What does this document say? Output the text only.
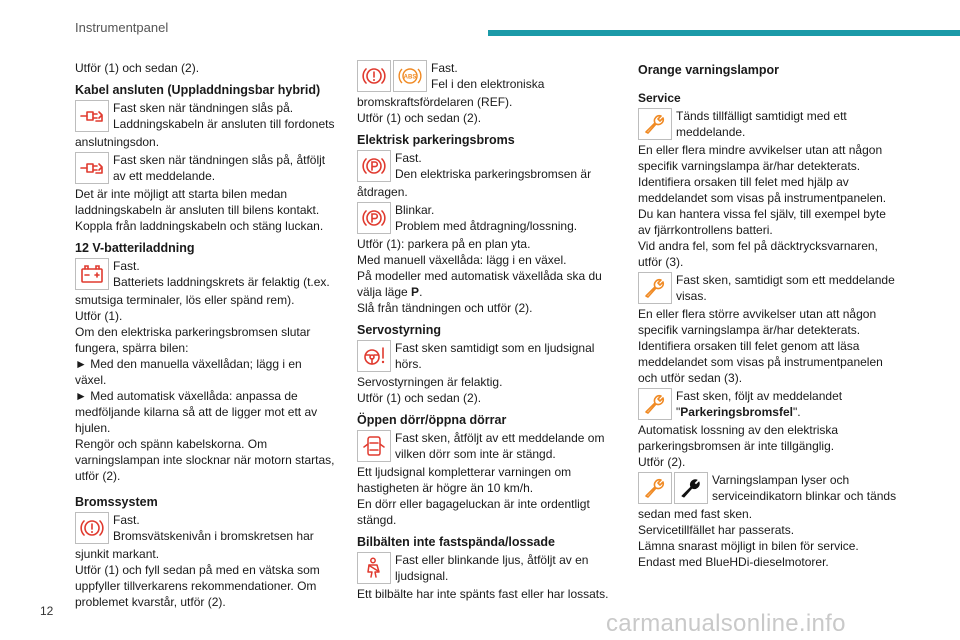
Instrumentpanel

Utför (1) och sedan (2).

Kabel ansluten (Uppladdningsbar hybrid)

Fast sken när tändningen slås på.

Laddningskabeln är ansluten till fordonets

anslutningsdon.

Fast sken när tändningen slås på, åtföljt

av ett meddelande.

Det är inte möjligt att starta bilen medan

laddningskabeln är ansluten till bilens kontakt.

Koppla från laddningskabeln och stäng luckan.

12 V-batteriladdning

Fast.

Batteriets laddningskrets är felaktig (t.ex.

smutsiga terminaler, lös eller spänd rem).

Utför (1).

Om den elektriska parkeringsbromsen slutar

fungera, spärra bilen:

► Med den manuella växellådan; lägg i en

växel.

► Med automatisk växellåda: anpassa de

medföljande kilarna så att de ligger mot ett av

hjulen.

Rengör och spänn kabelskorna. Om

varningslampan inte slocknar när motorn startas,

utför (2).

Bromssystem

Fast.

Bromsvätskenivån i bromskretsen har

sjunkit markant.

Utför (1) och fyll sedan på med en vätska som

uppfyller tillverkarens rekommendationer. Om

problemet kvarstår, utför (2).

ABS

Fast.

Fel i den elektroniska

bromskraftsfördelaren (REF).

Utför (1) och sedan (2).

Elektrisk parkeringsbroms

Fast.

Den elektriska parkeringsbromsen är

åtdragen.

Blinkar.

Problem med åtdragning/lossning.

Utför (1): parkera på en plan yta.

Med manuell växellåda: lägg i en växel.

På modeller med automatisk växellåda ska du

välja läge P.

Slå från tändningen och utför (2).

Servostyrning

Fast sken samtidigt som en ljudsignal

hörs.

Servostyrningen är felaktig.

Utför (1) och sedan (2).

Öppen dörr/öppna dörrar

Fast sken, åtföljt av ett meddelande om

vilken dörr som inte är stängd.

Ett ljudsignal kompletterar varningen om

hastigheten är högre än 10 km/h.

En dörr eller bagageluckan är inte ordentligt

stängd.

Bilbälten inte fastspända/lossade

Fast eller blinkande ljus, åtföljt av en

ljudsignal.

Ett bilbälte har inte spänts fast eller har lossats.

Orange varningslampor
Service

Tänds tillfälligt samtidigt med ett

meddelande.

En eller flera mindre avvikelser utan att någon

specifik varningslampa är/har detekterats.

Identifiera orsaken till felet med hjälp av

meddelandet som visas på instrumentpanelen.

Du kan hantera vissa fel själv, till exempel byte

av fjärrkontrollens batteri.

Vid andra fel, som fel på däcktrycksvarnaren,

utför (3).

Fast sken, samtidigt som ett meddelande

visas.

En eller flera större avvikelser utan att någon

specifik varningslampa är/har detekterats.

Identifiera orsaken till felet genom att läsa

meddelandet som visas på instrumentpanelen

och utför sedan (3).

Fast sken, följt av meddelandet

"Parkeringsbromsfel".

Automatisk lossning av den elektriska

parkeringsbromsen är inte tillgänglig.

Utför (2).

Varningslampan lyser och

serviceindikatorn blinkar och tänds

sedan med fast sken.

Servicetillfället har passerats.

Lämna snarast möjligt in bilen för service.

Endast med BlueHDi-dieselmotorer.

12	carmanualsonline.info
